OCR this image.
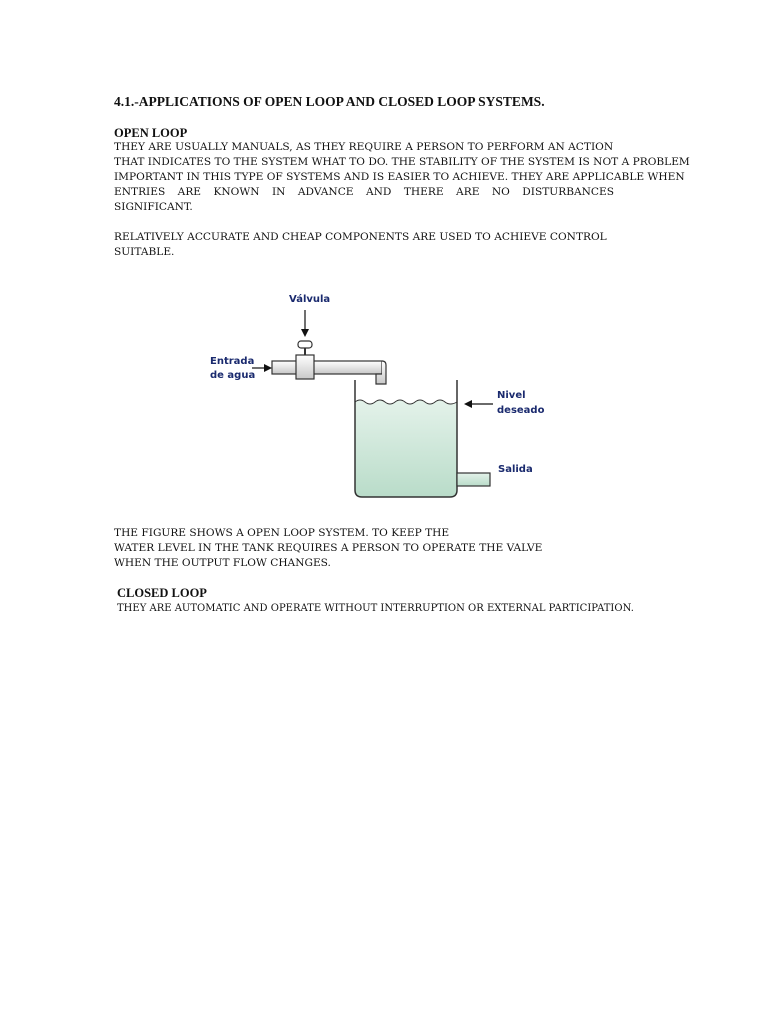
4.1.-APPLICATIONS OF OPEN LOOP AND CLOSED LOOP SYSTEMS.
OPEN LOOP
THEY ARE USUALLY MANUALS, AS THEY REQUIRE A PERSON TO PERFORM AN ACTION
THAT INDICATES TO THE SYSTEM WHAT TO DO. THE STABILITY OF THE SYSTEM IS NOT A PROBLEM
IMPORTANT IN THIS TYPE OF SYSTEMS AND IS EASIER TO ACHIEVE. THEY ARE APPLICABLE WHEN
ENTRIES ARE KNOWN IN ADVANCE AND THERE ARE NO DISTURBANCES
SIGNIFICANT.
RELATIVELY ACCURATE AND CHEAP COMPONENTS ARE USED TO ACHIEVE CONTROL
SUITABLE.
Válvula
Entrada
de agua
Nivel
deseado
Salida
THE FIGURE SHOWS A OPEN LOOP SYSTEM. TO KEEP THE
WATER LEVEL IN THE TANK REQUIRES A PERSON TO OPERATE THE VALVE
WHEN THE OUTPUT FLOW CHANGES.
CLOSED LOOP
THEY ARE AUTOMATIC AND OPERATE WITHOUT INTERRUPTION OR EXTERNAL PARTICIPATION.
